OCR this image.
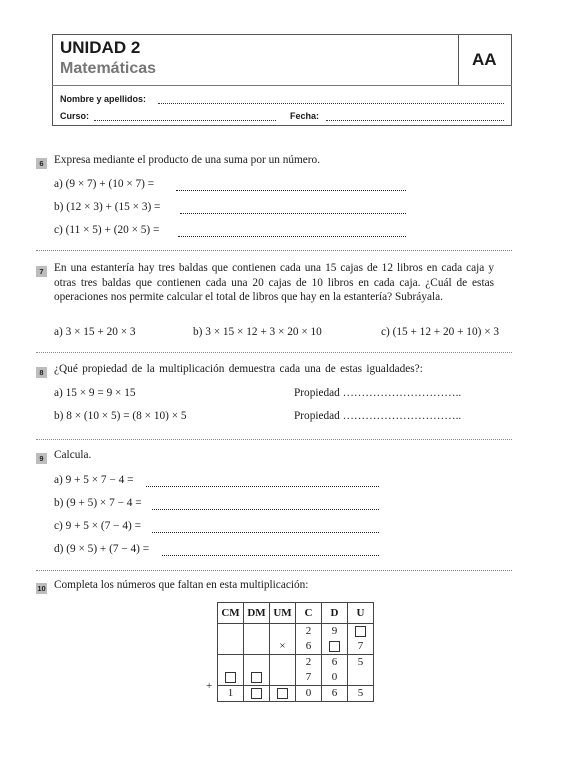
UNIDAD 2
Matemáticas	AA
Nombre y apellidos:
Curso:	Fecha:
6 Expresa mediante el producto de una suma por un número.
a) (9 × 7) + (10 × 7) =
b) (12 × 3) + (15 × 3) =
c) (11 × 5) + (20 × 5) =
7 En una estantería hay tres baldas que contienen cada una 15 cajas de 12 libros en cada caja y otras tres baldas que contienen cada una 20 cajas de 10 libros en cada caja. ¿Cuál de estas operaciones nos permite calcular el total de libros que hay en la estantería? Subráyala.
a) 3 × 15 + 20 × 3	b) 3 × 15 × 12 + 3 × 20 × 10	c) (15 + 12 + 20 + 10) × 3
8 ¿Qué propiedad de la multiplicación demuestra cada una de estas igualdades?:
a) 15 × 9 = 9 × 15	Propiedad …………………………..
b) 8 × (10 × 5) = (8 × 10) × 5	Propiedad …………………………..
9 Calcula.
a) 9 + 5 × 7 − 4 =
b) (9 + 5) × 7 − 4 =
c) 9 + 5 × (7 − 4) =
d) (9 × 5) + (7 − 4) =
10 Completa los números que faltan en esta multiplicación:
+
CM	DM	UM	C	D	U
			2	9	
		×	6		7
			2	6	5
			7	0	
1			0	6	5
